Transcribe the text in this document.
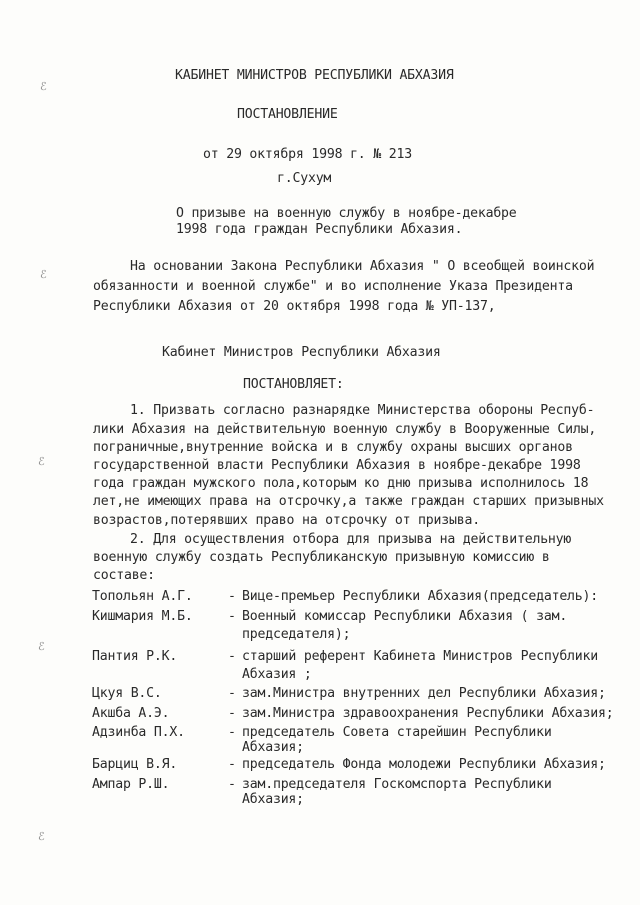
ℰ
ℰ
ℰ
ℰ
ℰ
КАБИНЕТ МИНИСТРОВ РЕСПУБЛИКИ АБХАЗИЯ
ПОСТАНОВЛЕНИЕ
от 29 октября 1998 г. № 213
г.Сухум
О призыве на военную службу в ноябре-декабре
1998 года граждан Республики Абхазия.
На основании Закона Республики Абхазия " О всеобщей воинской
обязанности и военной службе" и во исполнение Указа Президента
Республики Абхазия от 20 октября 1998 года № УП-137,
Кабинет Министров Республики Абхазия
ПОСТАНОВЛЯЕТ:
1. Призвать согласно разнарядке Министерства обороны Респуб-
лики Абхазия на действительную военную службу в Вооруженные Силы,
пограничные,внутренние войска и в службу охраны высших органов
государственной власти Республики Абхазия в ноябре-декабре 1998
года граждан мужского пола,которым ко дню призыва исполнилось 18
лет,не имеющих права на отсрочку,а также граждан старших призывных
возрастов,потерявших право на отсрочку от призыва.
2. Для осуществления отбора для призыва на действительную
военную службу создать Республиканскую призывную комиссию в
составе:
Топольян А.Г.	- Вице-премьер Республики Абхазия(председатель):
Кишмария М.Б.	- Военный комиссар Республики Абхазия ( зам.
председателя);
Пантия Р.К.	- старший референт Кабинета Министров Республики
Абхазия ;
Цкуя В.С.	- зам.Министра внутренних дел Республики Абхазия;
Акшба А.Э.	- зам.Министра здравоохранения Республики Абхазия;
Адзинба П.Х.	- председатель Совета старейшин Республики
Абхазия;
Барциц В.Я.	- председатель Фонда молодежи Республики Абхазия;
Ампар Р.Ш.	- зам.председателя Госкомспорта Республики
Абхазия;
